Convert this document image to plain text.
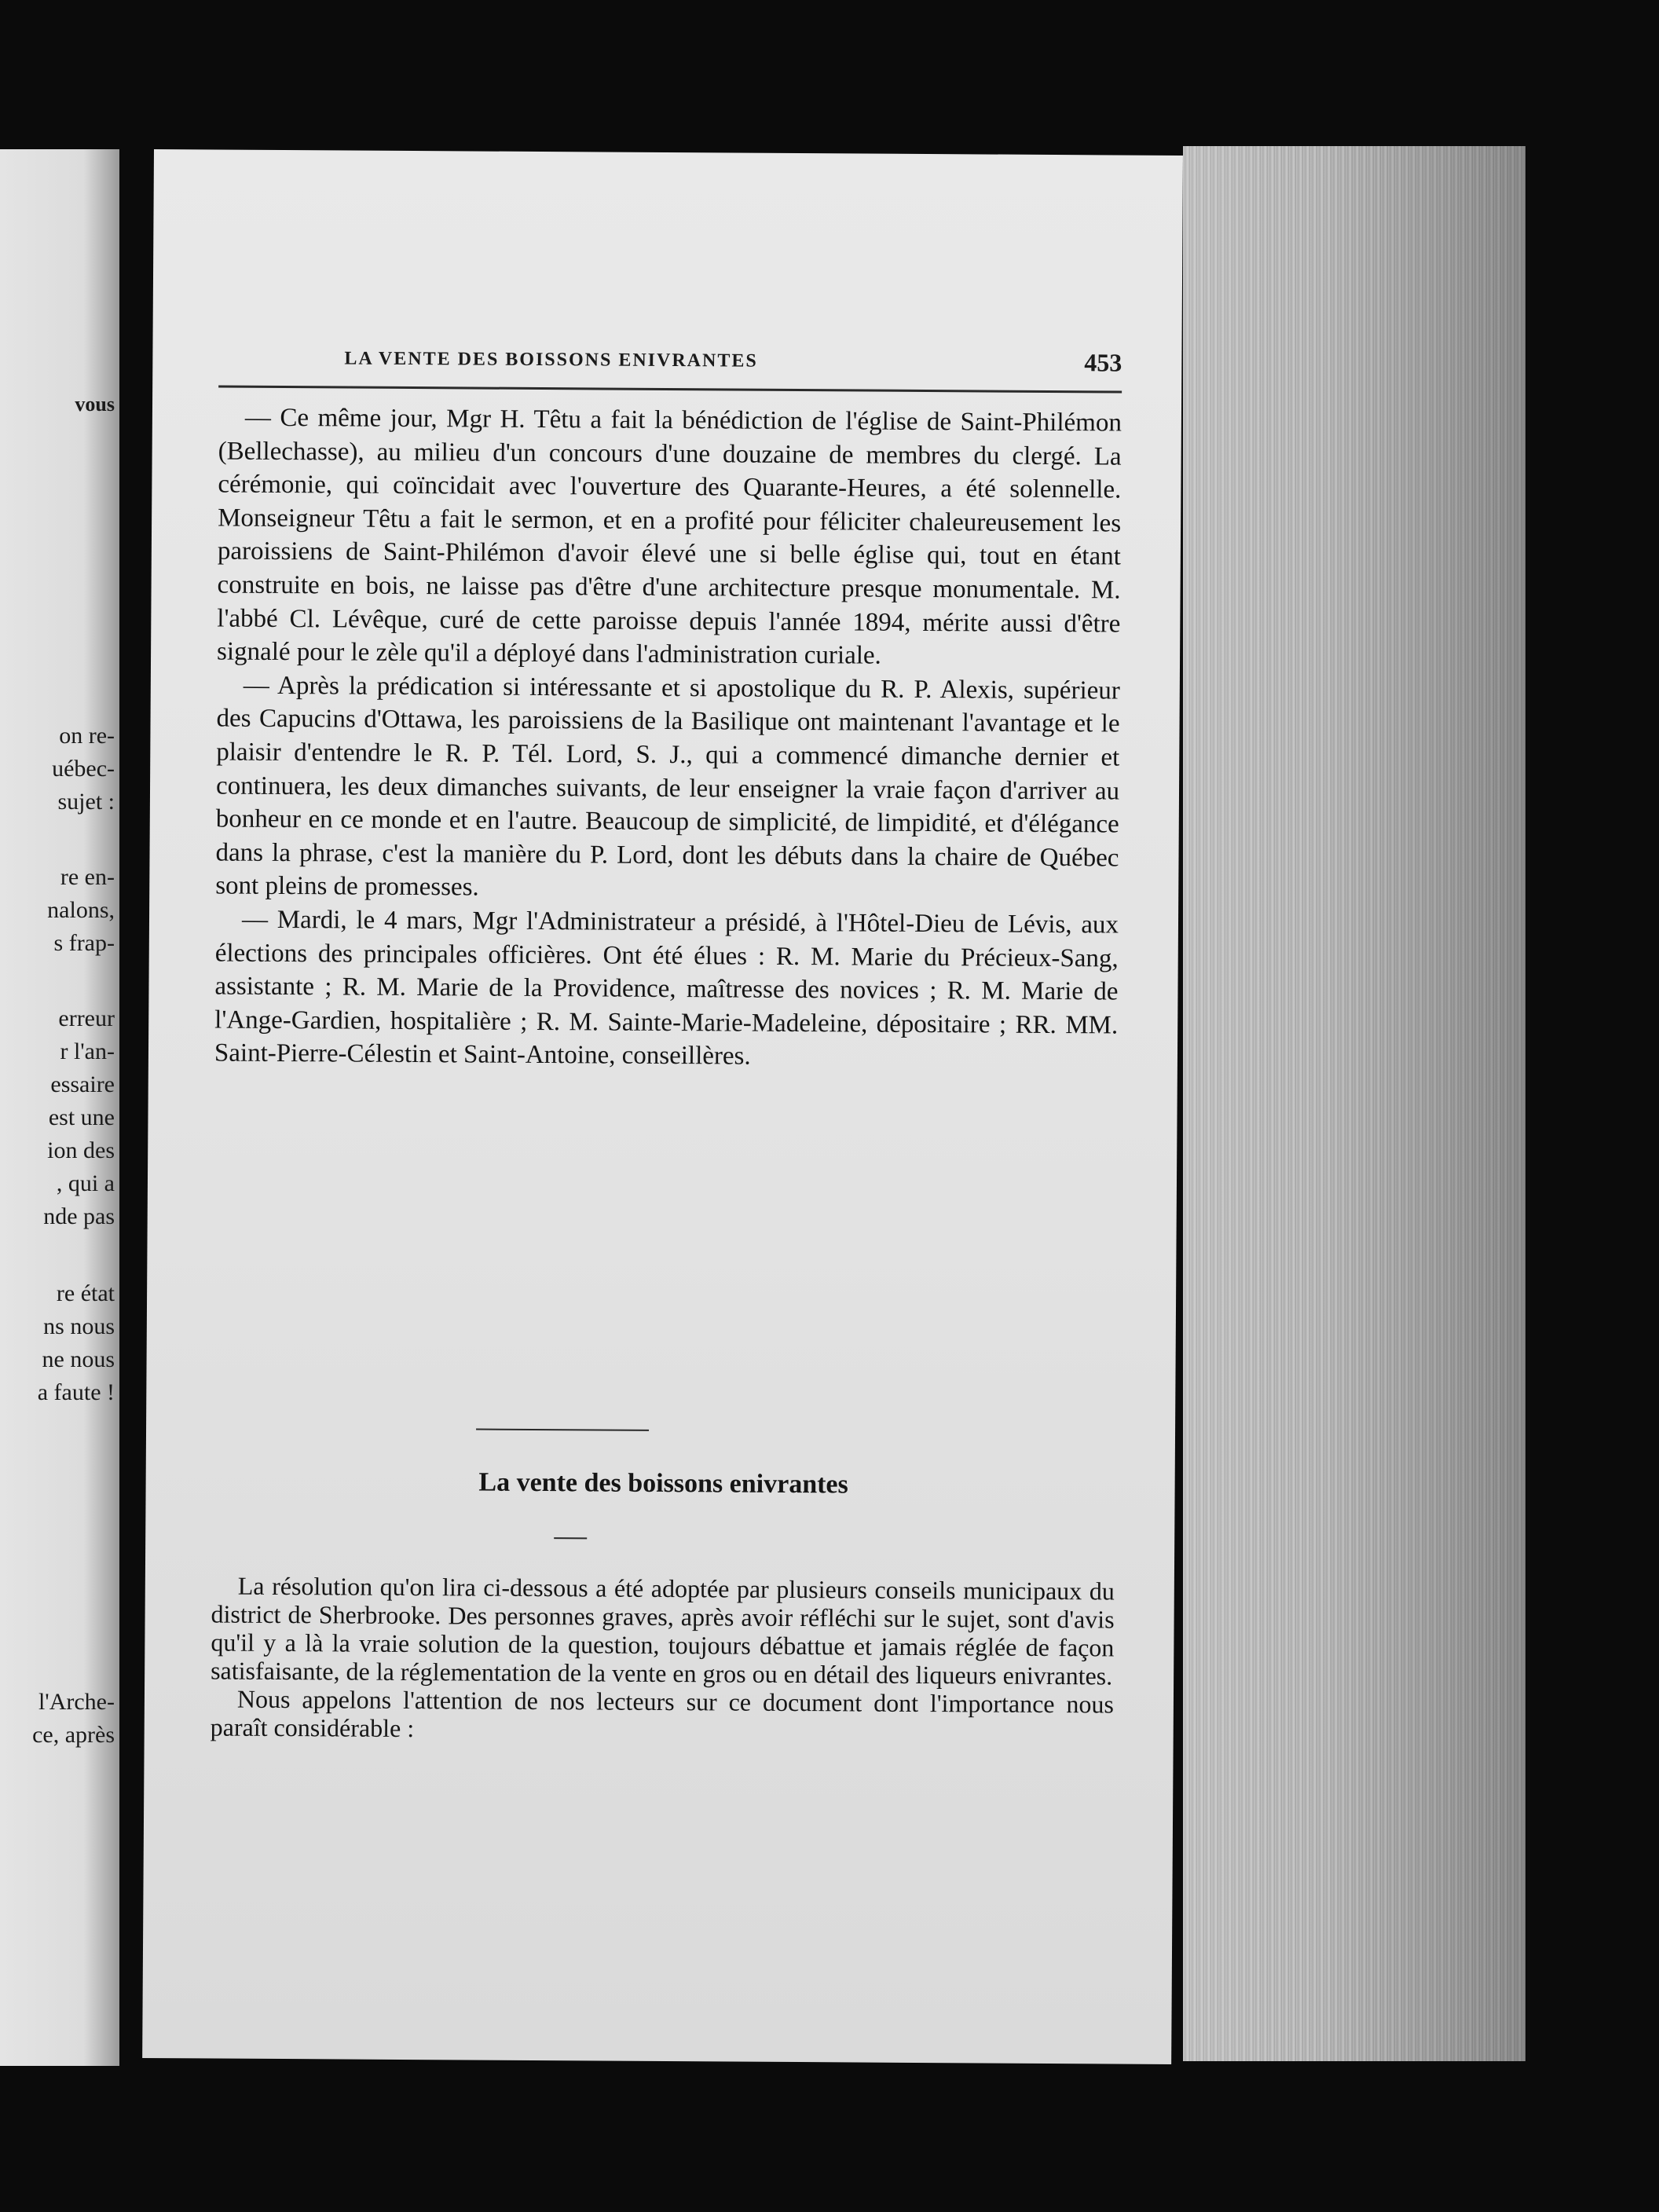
vous
on re-
uébec-
sujet :
re en-
nalons,
s frap-
erreur
r l'an-
essaire
est une
ion des
, qui a
nde pas
re état
ns nous
ne nous
a faute !
l'Arche-
ce, après
LA VENTE DES BOISSONS ENIVRANTES	453

— Ce même jour, Mgr H. Têtu a fait la bénédiction de l'église de Saint-Philémon (Bellechasse), au milieu d'un concours d'une douzaine de membres du clergé. La cérémonie, qui coïncidait avec l'ouverture des Quarante-Heures, a été solennelle. Monseigneur Têtu a fait le sermon, et en a profité pour féliciter chaleureusement les paroissiens de Saint-Philémon d'avoir élevé une si belle église qui, tout en étant construite en bois, ne laisse pas d'être d'une architecture presque monumentale. M. l'abbé Cl. Lévêque, curé de cette paroisse depuis l'année 1894, mérite aussi d'être signalé pour le zèle qu'il a déployé dans l'administration curiale.

— Après la prédication si intéressante et si apostolique du R. P. Alexis, supérieur des Capucins d'Ottawa, les paroissiens de la Basilique ont maintenant l'avantage et le plaisir d'entendre le R. P. Tél. Lord, S. J., qui a commencé dimanche dernier et continuera, les deux dimanches suivants, de leur enseigner la vraie façon d'arriver au bonheur en ce monde et en l'autre. Beaucoup de simplicité, de limpidité, et d'élégance dans la phrase, c'est la manière du P. Lord, dont les débuts dans la chaire de Québec sont pleins de promesses.

— Mardi, le 4 mars, Mgr l'Administrateur a présidé, à l'Hôtel-Dieu de Lévis, aux élections des principales officières. Ont été élues : R. M. Marie du Précieux-Sang, assistante ; R. M. Marie de la Providence, maîtresse des novices ; R. M. Marie de l'Ange-Gardien, hospitalière ; R. M. Sainte-Marie-Madeleine, dépositaire ; RR. MM. Saint-Pierre-Célestin et Saint-Antoine, conseillères.

La vente des boissons enivrantes

La résolution qu'on lira ci-dessous a été adoptée par plusieurs conseils municipaux du district de Sherbrooke. Des personnes graves, après avoir réfléchi sur le sujet, sont d'avis qu'il y a là la vraie solution de la question, toujours débattue et jamais réglée de façon satisfaisante, de la réglementation de la vente en gros ou en détail des liqueurs enivrantes.

Nous appelons l'attention de nos lecteurs sur ce document dont l'importance nous paraît considérable :
